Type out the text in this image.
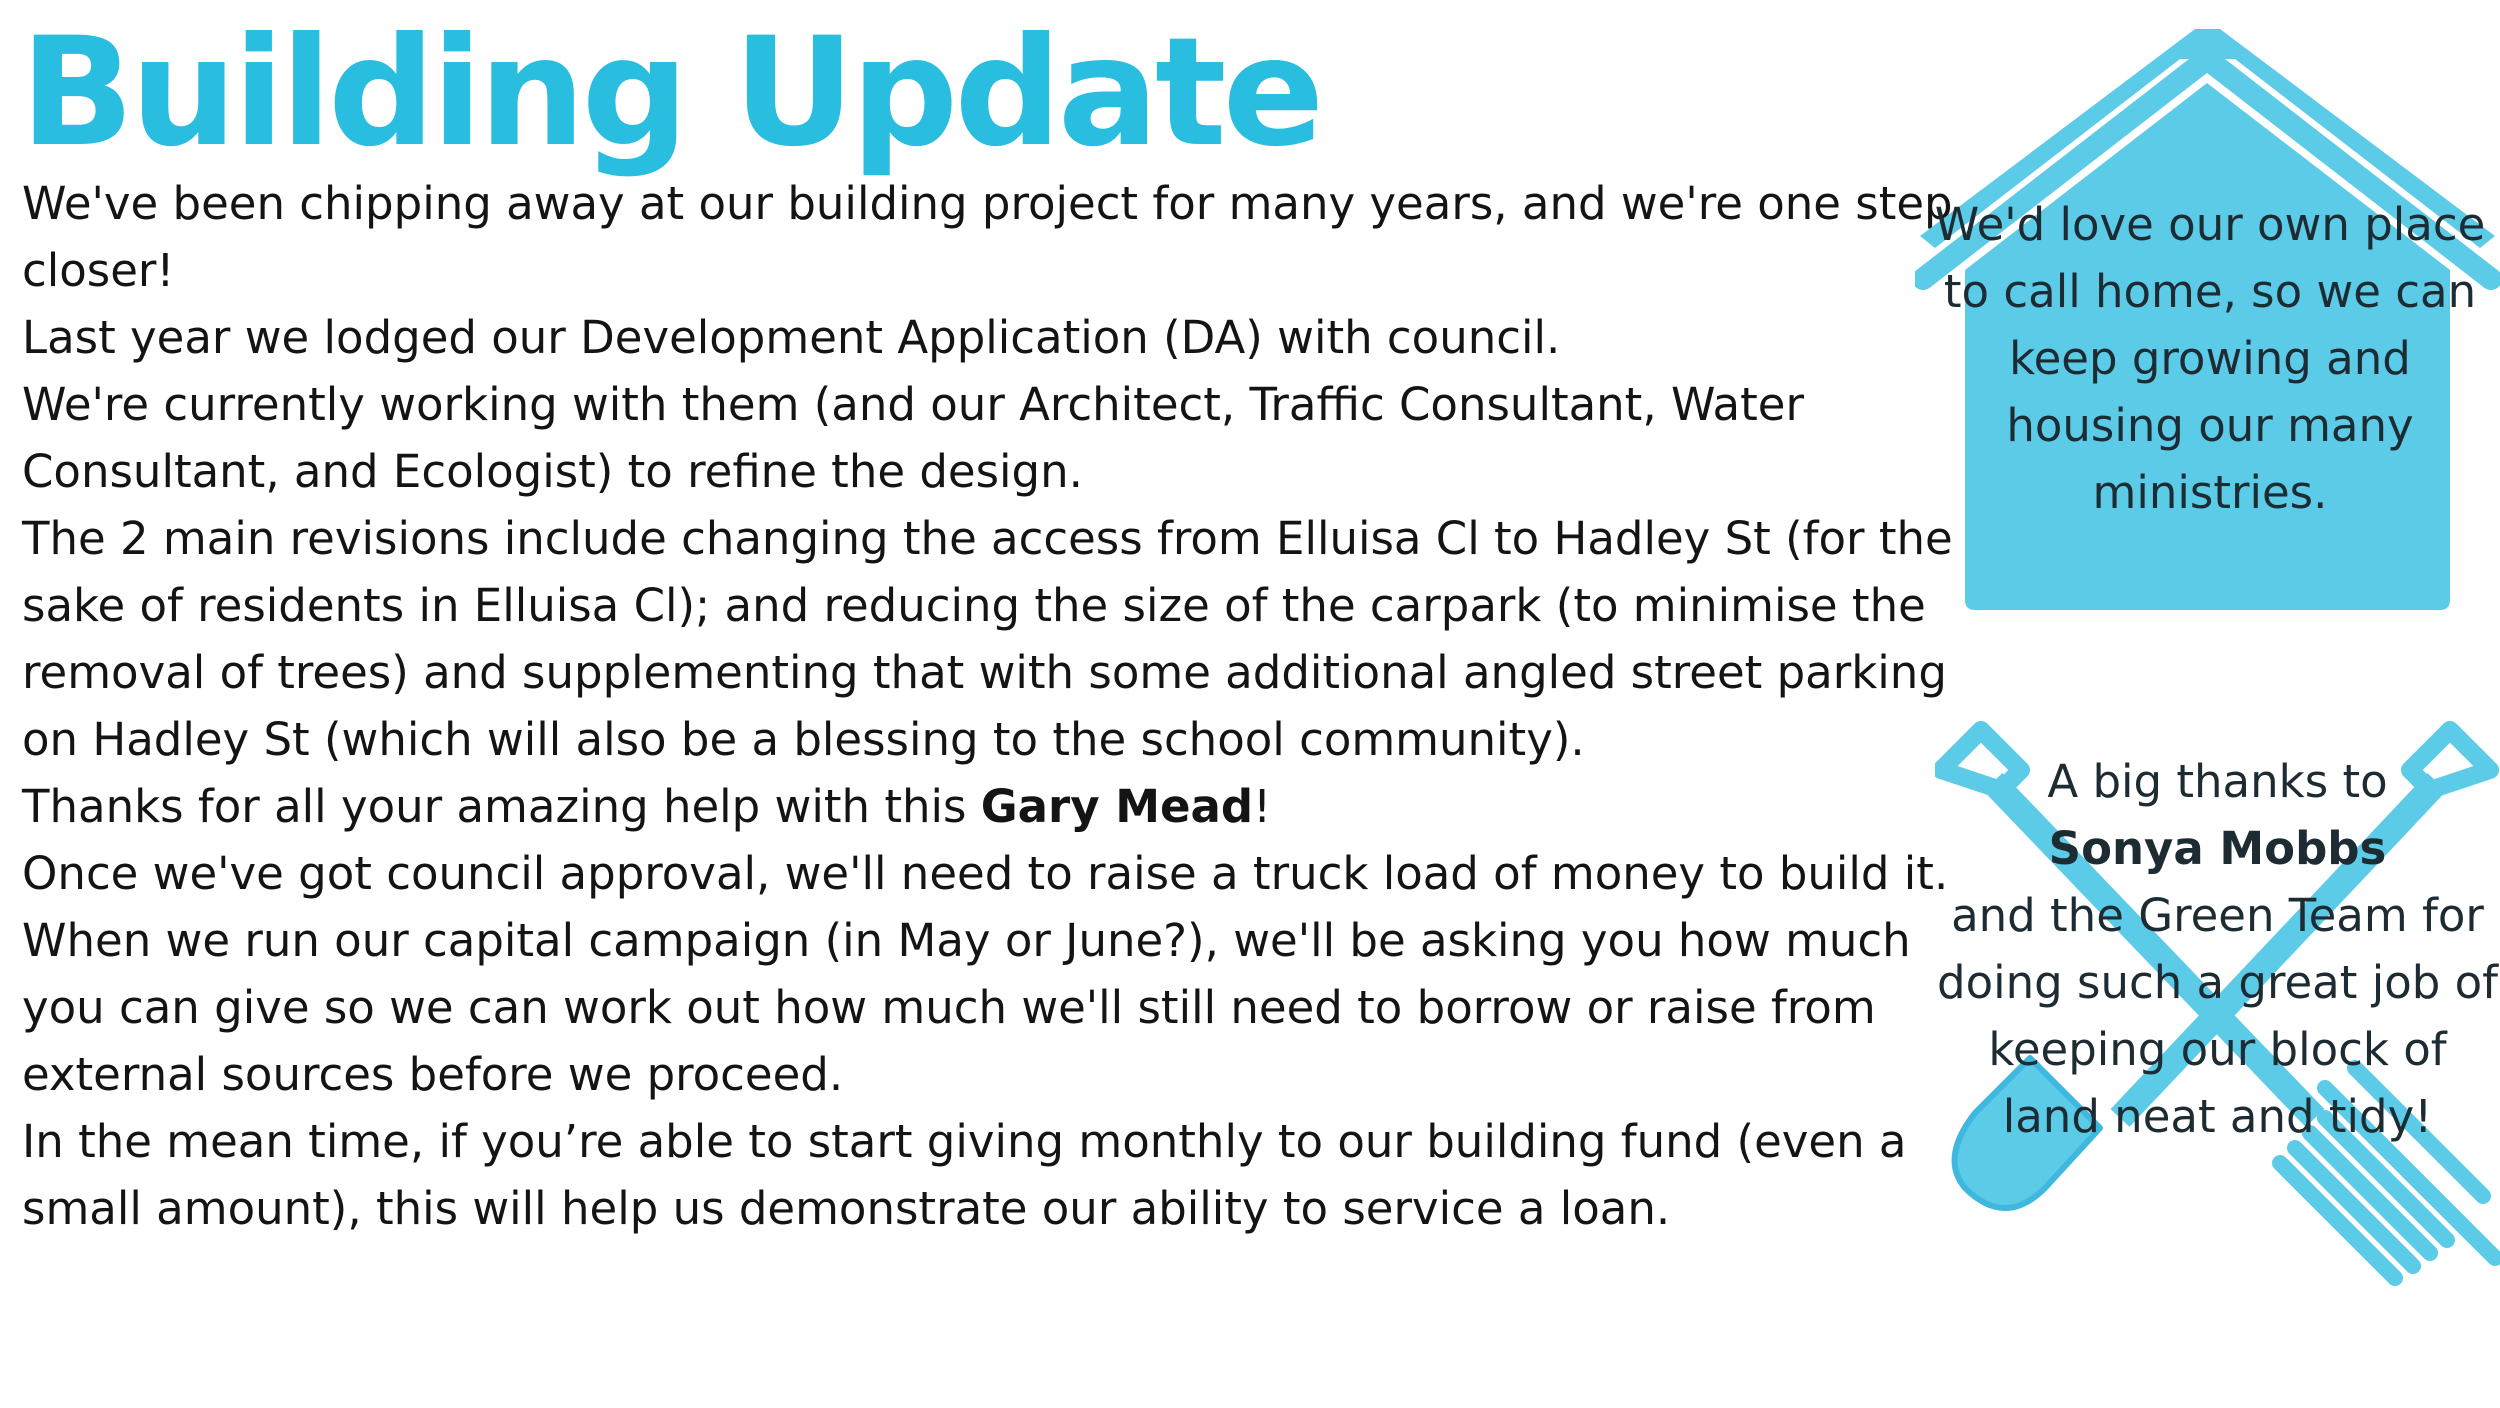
Building Update

We've been chipping away at our building project for many years, and we're one step closer!

Last year we lodged our Development Application (DA) with council.

We're currently working with them (and our Architect, Traffic Consultant, Water Consultant, and Ecologist) to refine the design.

The 2 main revisions include changing the access from Elluisa Cl to Hadley St (for the sake of residents in Elluisa Cl); and reducing the size of the carpark (to minimise the removal of trees) and supplementing that with some additional angled street parking on Hadley St (which will also be a blessing to the school community).

Thanks for all your amazing help with this Gary Mead!

Once we've got council approval, we'll need to raise a truck load of money to build it.

When we run our capital campaign (in May or June?), we'll be asking you how much you can give so we can work out how much we'll still need to borrow or raise from external sources before we proceed.

In the mean time, if you’re able to start giving monthly to our building fund (even a small amount), this will help us demonstrate our ability to service a loan.

We'd love our own place to call home, so we can keep growing and housing our many ministries.
A big thanks to
Sonya Mobbs
and the Green Team for doing such a great job of keeping our block of land neat and tidy!
